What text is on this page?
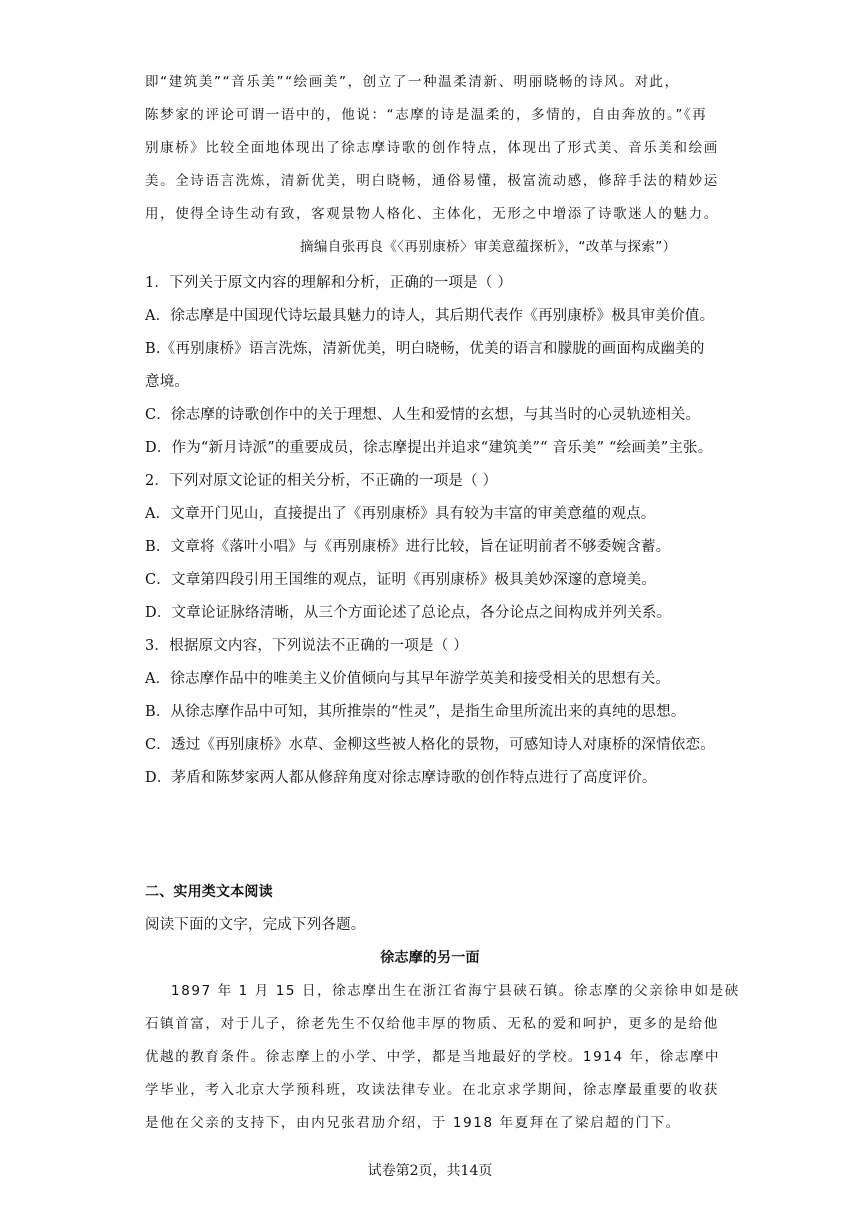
即“建筑美”“音乐美”“绘画美”，创立了一种温柔清新、明丽晓畅的诗风。对此，
陈梦家的评论可谓一语中的，他说：“志摩的诗是温柔的，多情的，自由奔放的。”《再
别康桥》比较全面地体现出了徐志摩诗歌的创作特点，体现出了形式美、音乐美和绘画
美。全诗语言洗炼，清新优美，明白晓畅，通俗易懂，极富流动感，修辞手法的精妙运
用，使得全诗生动有致，客观景物人格化、主体化，无形之中增添了诗歌迷人的魅力。
摘编自张再良《〈再别康桥〉审美意蕴探析》，“改革与探索”）
1．下列关于原文内容的理解和分析，正确的一项是（ ）
A．徐志摩是中国现代诗坛最具魅力的诗人，其后期代表作《再别康桥》极具审美价值。
B.《再别康桥》语言洗炼，清新优美，明白晓畅，优美的语言和朦胧的画面构成幽美的
意境。
C．徐志摩的诗歌创作中的关于理想、人生和爱情的玄想，与其当时的心灵轨迹相关。
D．作为“新月诗派”的重要成员，徐志摩提出并追求“建筑美”“ 音乐美” “绘画美”主张。
2．下列对原文论证的相关分析，不正确的一项是（ ）
A．文章开门见山，直接提出了《再别康桥》具有较为丰富的审美意蕴的观点。
B．文章将《落叶小唱》与《再别康桥》进行比较，旨在证明前者不够委婉含蓄。
C．文章第四段引用王国维的观点，证明《再别康桥》极具美妙深邃的意境美。
D．文章论证脉络清晰，从三个方面论述了总论点，各分论点之间构成并列关系。
3．根据原文内容，下列说法不正确的一项是（ ）
A．徐志摩作品中的唯美主义价值倾向与其早年游学英美和接受相关的思想有关。
B．从徐志摩作品中可知，其所推崇的“性灵”，是指生命里所流出来的真纯的思想。
C．透过《再别康桥》水草、金柳这些被人格化的景物，可感知诗人对康桥的深情依恋。
D．茅盾和陈梦家两人都从修辞角度对徐志摩诗歌的创作特点进行了高度评价。
二、实用类文本阅读
阅读下面的文字，完成下列各题。
徐志摩的另一面
1897 年 1 月 15 日，徐志摩出生在浙江省海宁县硖石镇。徐志摩的父亲徐申如是硖
石镇首富，对于儿子，徐老先生不仅给他丰厚的物质、无私的爱和呵护，更多的是给他
优越的教育条件。徐志摩上的小学、中学，都是当地最好的学校。1914 年，徐志摩中
学毕业，考入北京大学预科班，攻读法律专业。在北京求学期间，徐志摩最重要的收获
是他在父亲的支持下，由内兄张君劢介绍，于 1918 年夏拜在了梁启超的门下。
试卷第2页，共14页
